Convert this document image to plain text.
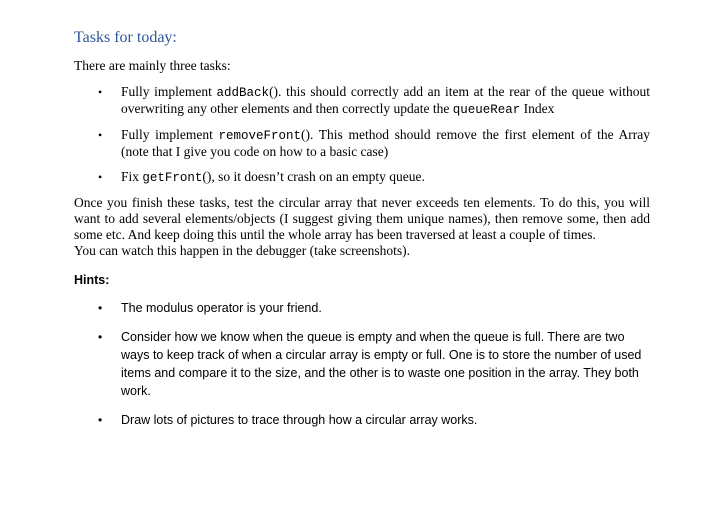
Tasks for today:
There are mainly three tasks:
• Fully implement addBack(). this should correctly add an item at the rear of the queue without overwriting any other elements and then correctly update the queueRear Index
• Fully implement removeFront(). This method should remove the first element of the Array (note that I give you code on how to a basic case)
• Fix getFront(), so it doesn’t crash on an empty queue.

Once you finish these tasks, test the circular array that never exceeds ten elements. To do this, you will want to add several elements/objects (I suggest giving them unique names), then remove some, then add some etc. And keep doing this until the whole array has been traversed at least a couple of times.

You can watch this happen in the debugger (take screenshots).

Hints:
• The modulus operator is your friend.
• Consider how we know when the queue is empty and when the queue is full. There are two ways to keep track of when a circular array is empty or full. One is to store the number of used items and compare it to the size, and the other is to waste one position in the array. They both work.
• Draw lots of pictures to trace through how a circular array works.
